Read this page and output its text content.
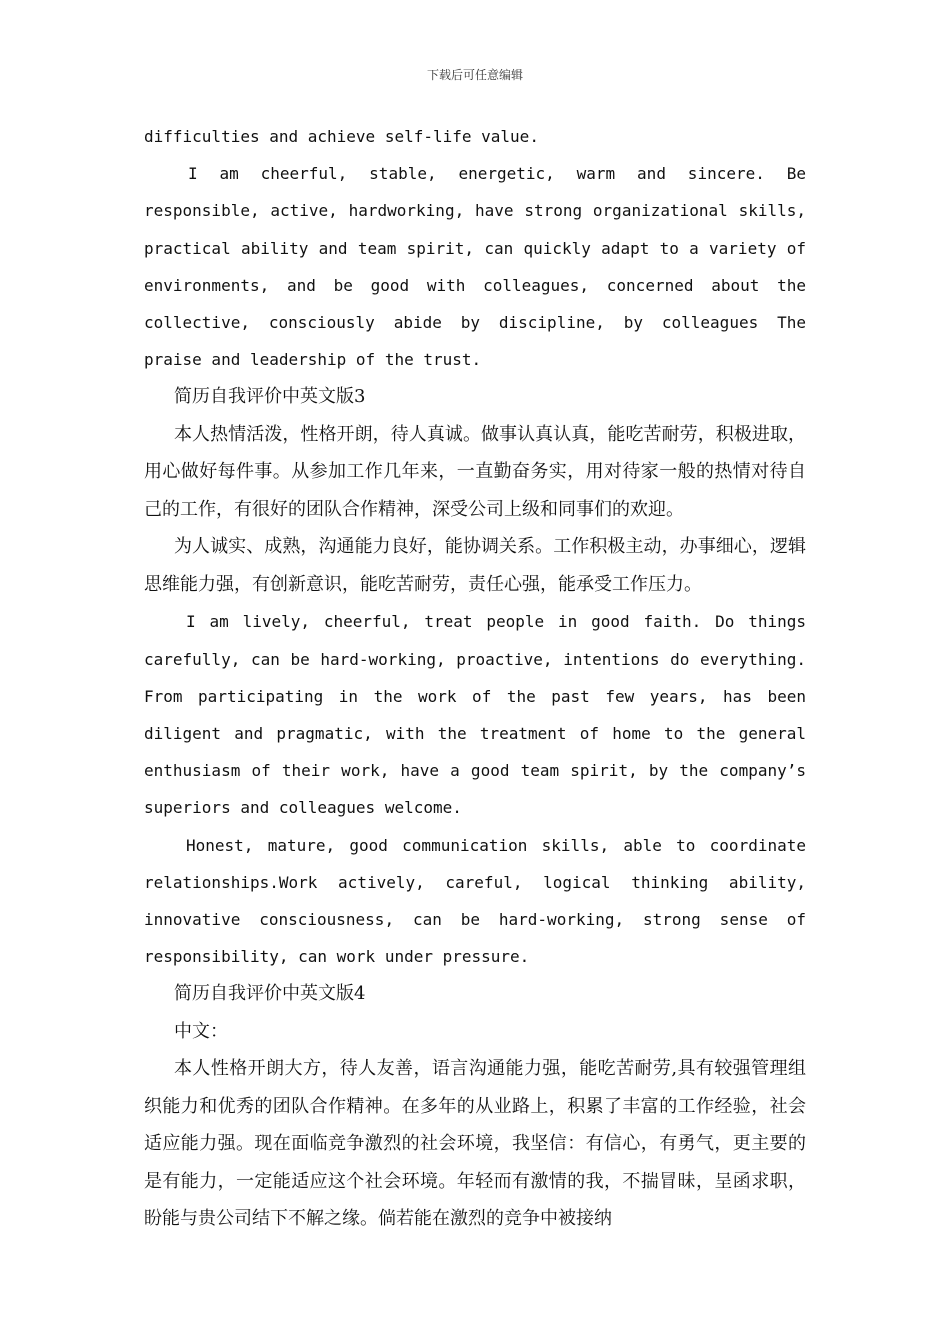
下载后可任意编辑

difficulties and achieve self-life value.

I am cheerful, stable, energetic, warm and sincere. Be responsible, active, hardworking, have strong organizational skills, practical ability and team spirit, can quickly adapt to a variety of environments, and be good with colleagues, concerned about the collective, consciously abide by discipline, by colleagues The praise and leadership of the trust.

简历自我评价中英文版3

本人热情活泼，性格开朗，待人真诚。做事认真认真，能吃苦耐劳，积极进取，用心做好每件事。从参加工作几年来，一直勤奋务实，用对待家一般的热情对待自己的工作，有很好的团队合作精神，深受公司上级和同事们的欢迎。

为人诚实、成熟，沟通能力良好，能协调关系。工作积极主动，办事细心，逻辑思维能力强，有创新意识，能吃苦耐劳，责任心强，能承受工作压力。

I am lively, cheerful, treat people in good faith. Do things carefully, can be hard-working, proactive, intentions do everything. From participating in the work of the past few years, has been diligent and pragmatic, with the treatment of home to the general enthusiasm of their work, have a good team spirit, by the company’s superiors and colleagues welcome.

Honest, mature, good communication skills, able to coordinate relationships.Work actively, careful, logical thinking ability, innovative consciousness, can be hard-working, strong sense of responsibility, can work under pressure.

简历自我评价中英文版4

中文：

本人性格开朗大方，待人友善，语言沟通能力强，能吃苦耐劳,具有较强管理组织能力和优秀的团队合作精神。在多年的从业路上，积累了丰富的工作经验，社会适应能力强。现在面临竞争激烈的社会环境，我坚信：有信心，有勇气，更主要的是有能力，一定能适应这个社会环境。年轻而有激情的我，不揣冒昧，呈函求职，盼能与贵公司结下不解之缘。倘若能在激烈的竞争中被接纳
